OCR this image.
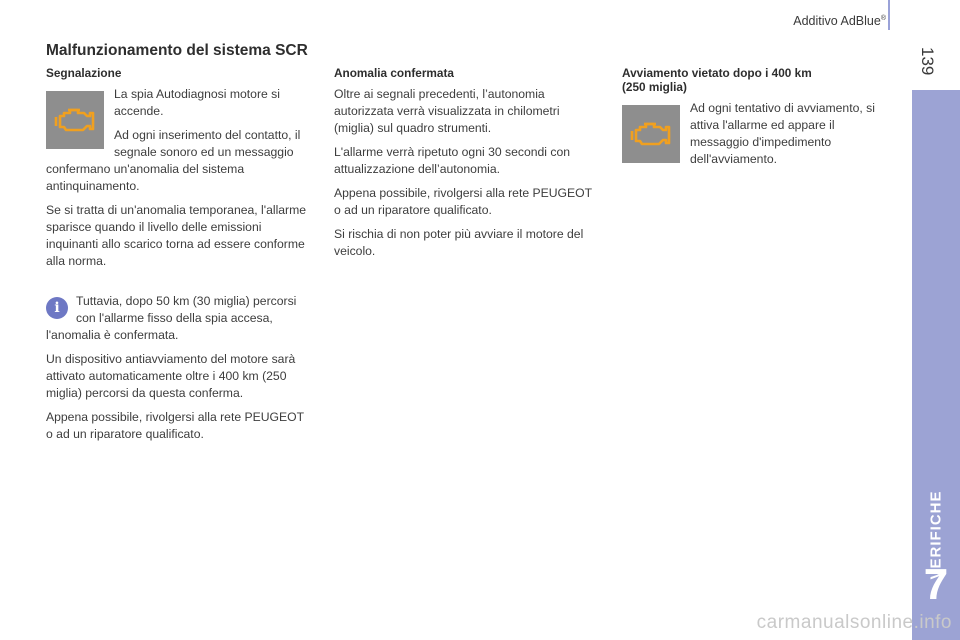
Additivo AdBlue®
139
VERIFICHE
7
Malfunzionamento del sistema SCR
Segnalazione

La spia Autodiagnosi motore si accende.

Ad ogni inserimento del contatto, il segnale sonoro ed un messaggio confermano un'anomalia del sistema antinquinamento.

Se si tratta di un'anomalia temporanea, l'allarme sparisce quando il livello delle emissioni inquinanti allo scarico torna ad essere conforme alla norma.

i	Tuttavia, dopo 50 km (30 miglia) percorsi con l'allarme fisso della spia accesa, l'anomalia è confermata.

Un dispositivo antiavviamento del motore sarà attivato automaticamente oltre i 400 km (250 miglia) percorsi da questa conferma.

Appena possibile, rivolgersi alla rete PEUGEOT o ad un riparatore qualificato.

Anomalia confermata

Oltre ai segnali precedenti, l’autonomia autorizzata verrà visualizzata in chilometri (miglia) sul quadro strumenti.

L'allarme verrà ripetuto ogni 30 secondi con attualizzazione dell’autonomia.

Appena possibile, rivolgersi alla rete PEUGEOT o ad un riparatore qualificato.

Si rischia di non poter più avviare il motore del veicolo.

Avviamento vietato dopo i 400 km
(250 miglia)

Ad ogni tentativo di avviamento, si attiva l'allarme ed appare il messaggio d'impedimento dell'avviamento.

carmanualsonline.info
